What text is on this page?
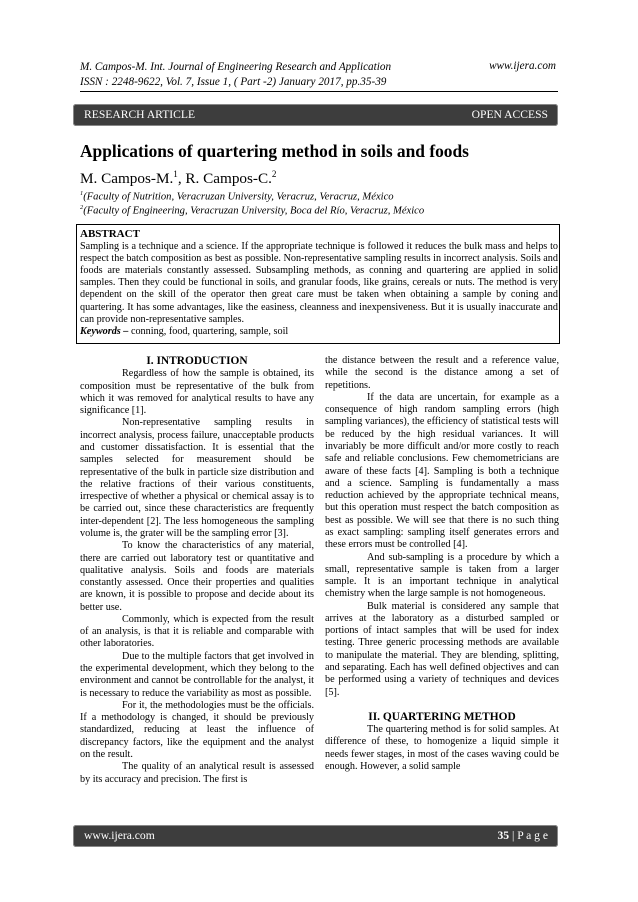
M. Campos-M. Int. Journal of Engineering Research and Application
ISSN : 2248-9622, Vol. 7, Issue 1, ( Part -2) January 2017, pp.35-39
www.ijera.com
RESEARCH ARTICLE	OPEN ACCESS
Applications of quartering method in soils and foods
M. Campos-M.$^1$, R. Campos-C.$^2$
$^1$(Faculty of Nutrition, Veracruzan University, Veracruz, Veracruz, México
$^2$(Faculty of Engineering, Veracruzan University, Boca del Río, Veracruz, México
ABSTRACT

Sampling is a technique and a science. If the appropriate technique is followed it reduces the bulk mass and helps to respect the batch composition as best as possible. Non-representative sampling results in incorrect analysis. Soils and foods are materials constantly assessed. Subsampling methods, as conning and quartering are applied in solid samples. Then they could be functional in soils, and granular foods, like grains, cereals or nuts. The method is very dependent on the skill of the operator then great care must be taken when obtaining a sample by coning and quartering. It has some advantages, like the easiness, cleanness and inexpensiveness. But it is usually inaccurate and can provide non-representative samples.

Keywords – conning, food, quartering, sample, soil

I. INTRODUCTION

Regardless of how the sample is obtained, its composition must be representative of the bulk from which it was removed for analytical results to have any significance [1].

Non-representative sampling results in incorrect analysis, process failure, unacceptable products and customer dissatisfaction. It is essential that the samples selected for measurement should be representative of the bulk in particle size distribution and the relative fractions of their various constituents, irrespective of whether a physical or chemical assay is to be carried out, since these characteristics are frequently inter-dependent [2]. The less homogeneous the sampling volume is, the grater will be the sampling error [3].

To know the characteristics of any material, there are carried out laboratory test or quantitative and qualitative analysis. Soils and foods are materials constantly assessed. Once their properties and qualities are known, it is possible to propose and decide about its better use.

Commonly, which is expected from the result of an analysis, is that it is reliable and comparable with other laboratories.

Due to the multiple factors that get involved in the experimental development, which they belong to the environment and cannot be controllable for the analyst, it is necessary to reduce the variability as most as possible.

For it, the methodologies must be the officials. If a methodology is changed, it should be previously standardized, reducing at least the influence of discrepancy factors, like the equipment and the analyst on the result.

The quality of an analytical result is assessed by its accuracy and precision. The first is

the distance between the result and a reference value, while the second is the distance among a set of repetitions.

If the data are uncertain, for example as a consequence of high random sampling errors (high sampling variances), the efficiency of statistical tests will be reduced by the high residual variances. It will invariably be more difficult and/or more costly to reach safe and reliable conclusions. Few chemometricians are aware of these facts [4]. Sampling is both a technique and a science. Sampling is fundamentally a mass reduction achieved by the appropriate technical means, but this operation must respect the batch composition as best as possible. We will see that there is no such thing as exact sampling: sampling itself generates errors and these errors must be controlled [4].

And sub-sampling is a procedure by which a small, representative sample is taken from a larger sample. It is an important technique in analytical chemistry when the large sample is not homogeneous.

Bulk material is considered any sample that arrives at the laboratory as a disturbed sampled or portions of intact samples that will be used for index testing. Three generic processing methods are available to manipulate the material. They are blending, splitting, and separating. Each has well defined objectives and can be performed using a variety of techniques and devices [5].

II. QUARTERING METHOD

The quartering method is for solid samples. At difference of these, to homogenize a liquid simple it needs fewer stages, in most of the cases waving could be enough. However, a solid sample

www.ijera.com	35 | P a g e
